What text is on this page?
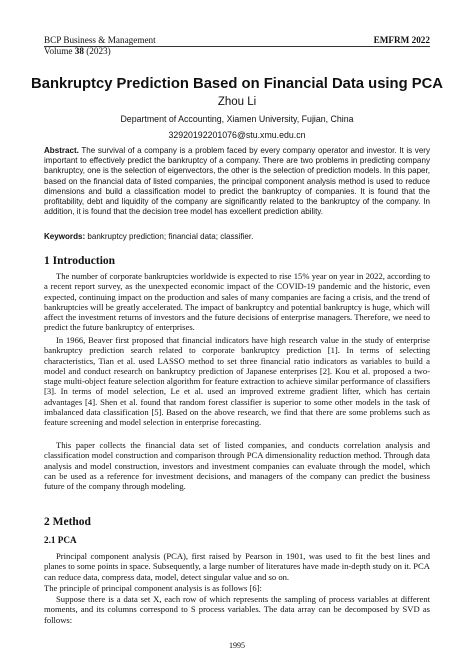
BCP Business & Management
Volume 38 (2023)
EMFRM 2022
Bankruptcy Prediction Based on Financial Data using PCA
Zhou Li
Department of Accounting, Xiamen University, Fujian, China
32920192201076@stu.xmu.edu.cn
Abstract. The survival of a company is a problem faced by every company operator and investor. It is very important to effectively predict the bankruptcy of a company. There are two problems in predicting company bankruptcy, one is the selection of eigenvectors, the other is the selection of prediction models. In this paper, based on the financial data of listed companies, the principal component analysis method is used to reduce dimensions and build a classification model to predict the bankruptcy of companies. It is found that the profitability, debt and liquidity of the company are significantly related to the bankruptcy of the company. In addition, it is found that the decision tree model has excellent prediction ability.
Keywords: bankruptcy prediction; financial data; classifier.
1 Introduction

The number of corporate bankruptcies worldwide is expected to rise 15% year on year in 2022, according to a recent report survey, as the unexpected economic impact of the COVID-19 pandemic and the historic, even expected, continuing impact on the production and sales of many companies are facing a crisis, and the trend of bankruptcies will be greatly accelerated. The impact of bankruptcy and potential bankruptcy is huge, which will affect the investment returns of investors and the future decisions of enterprise managers. Therefore, we need to predict the future bankruptcy of enterprises.

In 1966, Beaver first proposed that financial indicators have high research value in the study of enterprise bankruptcy prediction search related to corporate bankruptcy prediction [1]. In terms of selecting characteristics, Tian et al. used LASSO method to set three financial ratio indicators as variables to build a model and conduct research on bankruptcy prediction of Japanese enterprises [2]. Kou et al. proposed a two-stage multi-object feature selection algorithm for feature extraction to achieve similar performance of classifiers [3]. In terms of model selection, Le et al. used an improved extreme gradient lifter, which has certain advantages [4]. Shen et al. found that random forest classifier is superior to some other models in the task of imbalanced data classification [5]. Based on the above research, we find that there are some problems such as feature screening and model selection in enterprise forecasting.

This paper collects the financial data set of listed companies, and conducts correlation analysis and classification model construction and comparison through PCA dimensionality reduction method. Through data analysis and model construction, investors and investment companies can evaluate through the model, which can be used as a reference for investment decisions, and managers of the company can predict the business future of the company through modeling.

2 Method
2.1 PCA

Principal component analysis (PCA), first raised by Pearson in 1901, was used to fit the best lines and planes to some points in space. Subsequently, a large number of literatures have made in-depth study on it. PCA can reduce data, compress data, model, detect singular value and so on.

The principle of principal component analysis is as follows [6]:

Suppose there is a data set X, each row of which represents the sampling of process variables at different moments, and its columns correspond to S process variables. The data array can be decomposed by SVD as follows:

1995
